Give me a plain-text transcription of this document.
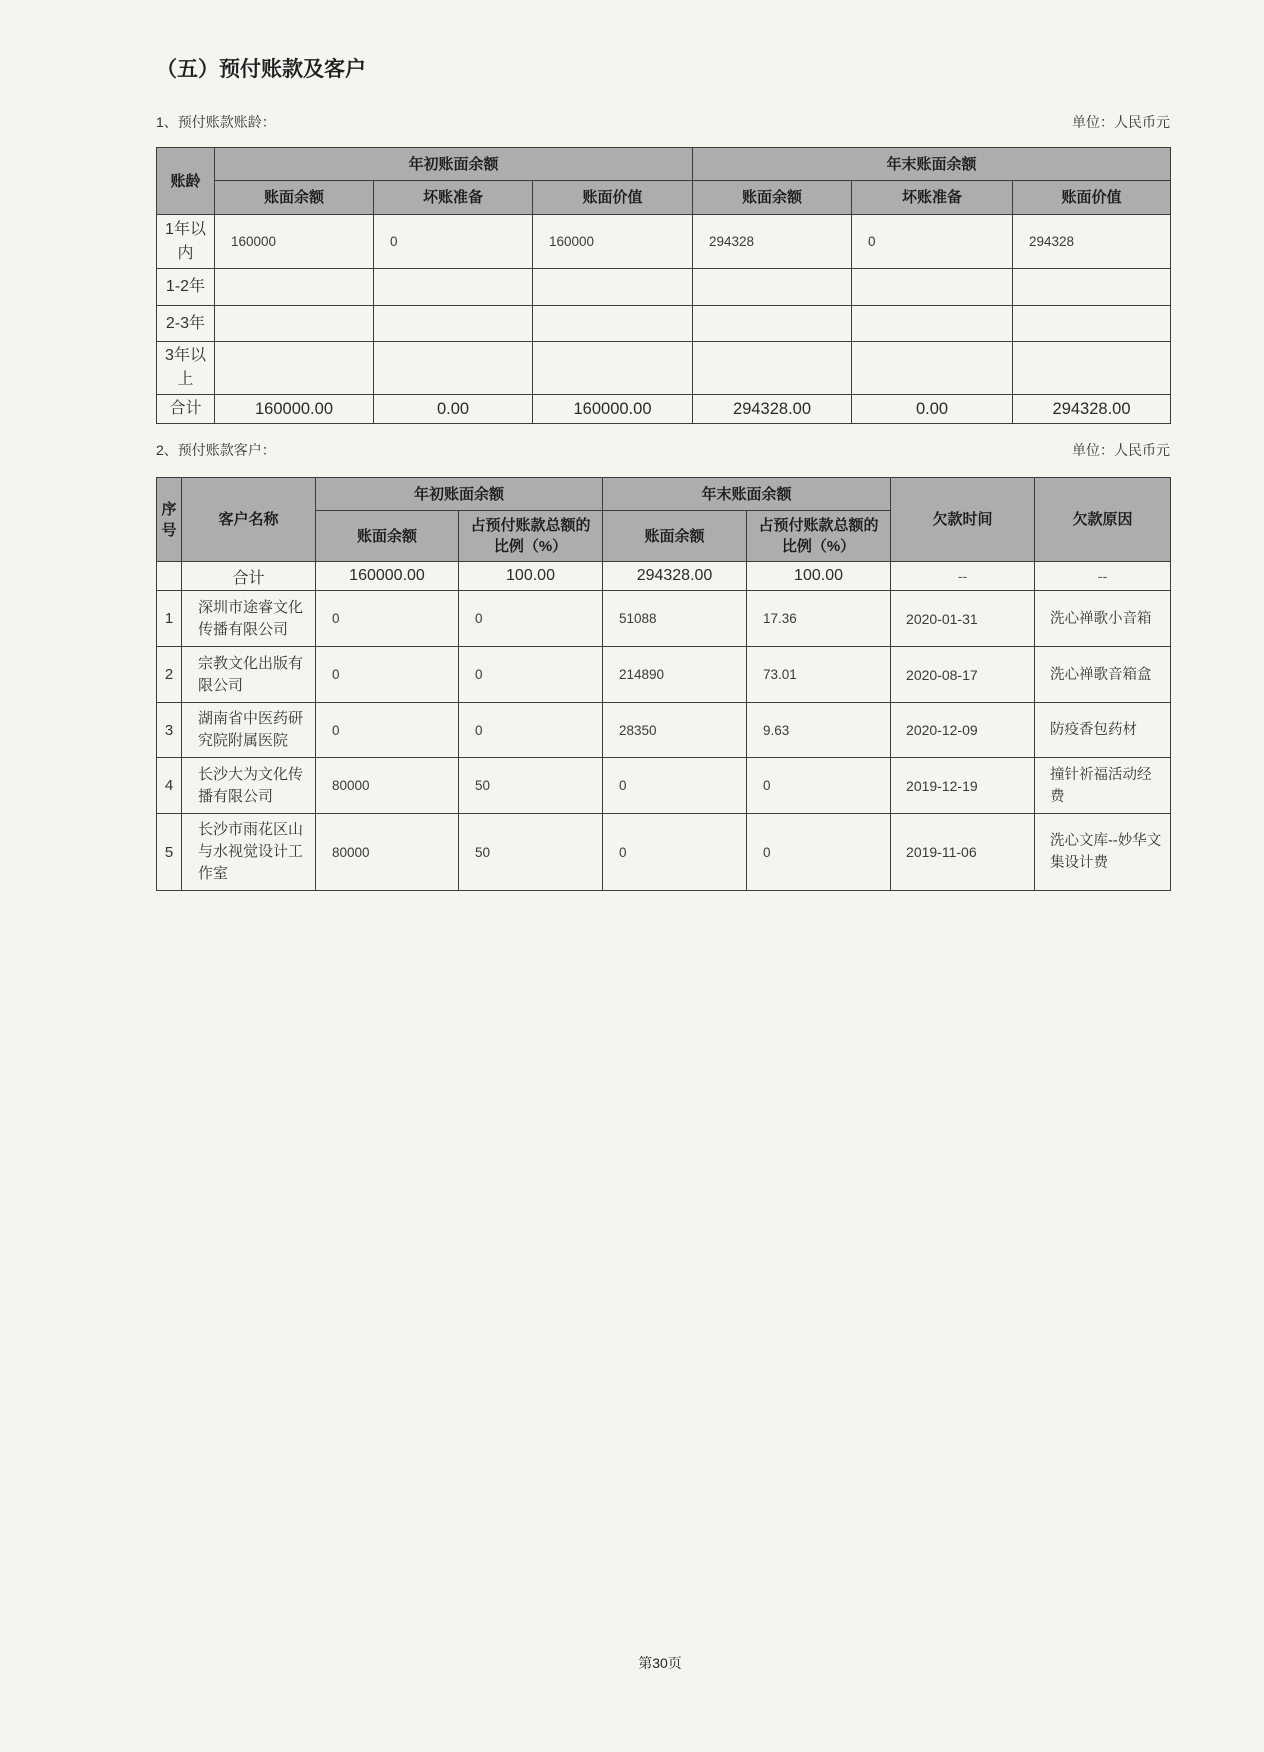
（五）预付账款及客户
1、预付账款账龄：	单位：人民币元
账龄	年初账面余额			年末账面余额		
	账面余额	坏账准备	账面价值	账面余额	坏账准备	账面价值
1年以内	160000	0	160000	294328	0	294328
1-2年						
2-3年						
3年以上						
合计	160000.00	0.00	160000.00	294328.00	0.00	294328.00
2、预付账款客户：	单位：人民币元
序号	客户名称	年初账面余额		年末账面余额		欠款时间	欠款原因
		账面余额	占预付账款总额的比例（%）	账面余额	占预付账款总额的比例（%）		
	合计	160000.00	100.00	294328.00	100.00	--	--
1	深圳市途睿文化传播有限公司	0	0	51088	17.36	2020-01-31	洗心禅歌小音箱
2	宗教文化出版有限公司	0	0	214890	73.01	2020-08-17	洗心禅歌音箱盒
3	湖南省中医药研究院附属医院	0	0	28350	9.63	2020-12-09	防疫香包药材
4	长沙大为文化传播有限公司	80000	50	0	0	2019-12-19	撞针祈福活动经费
5	长沙市雨花区山与水视觉设计工作室	80000	50	0	0	2019-11-06	洗心文库--妙华文集设计费
第30页
